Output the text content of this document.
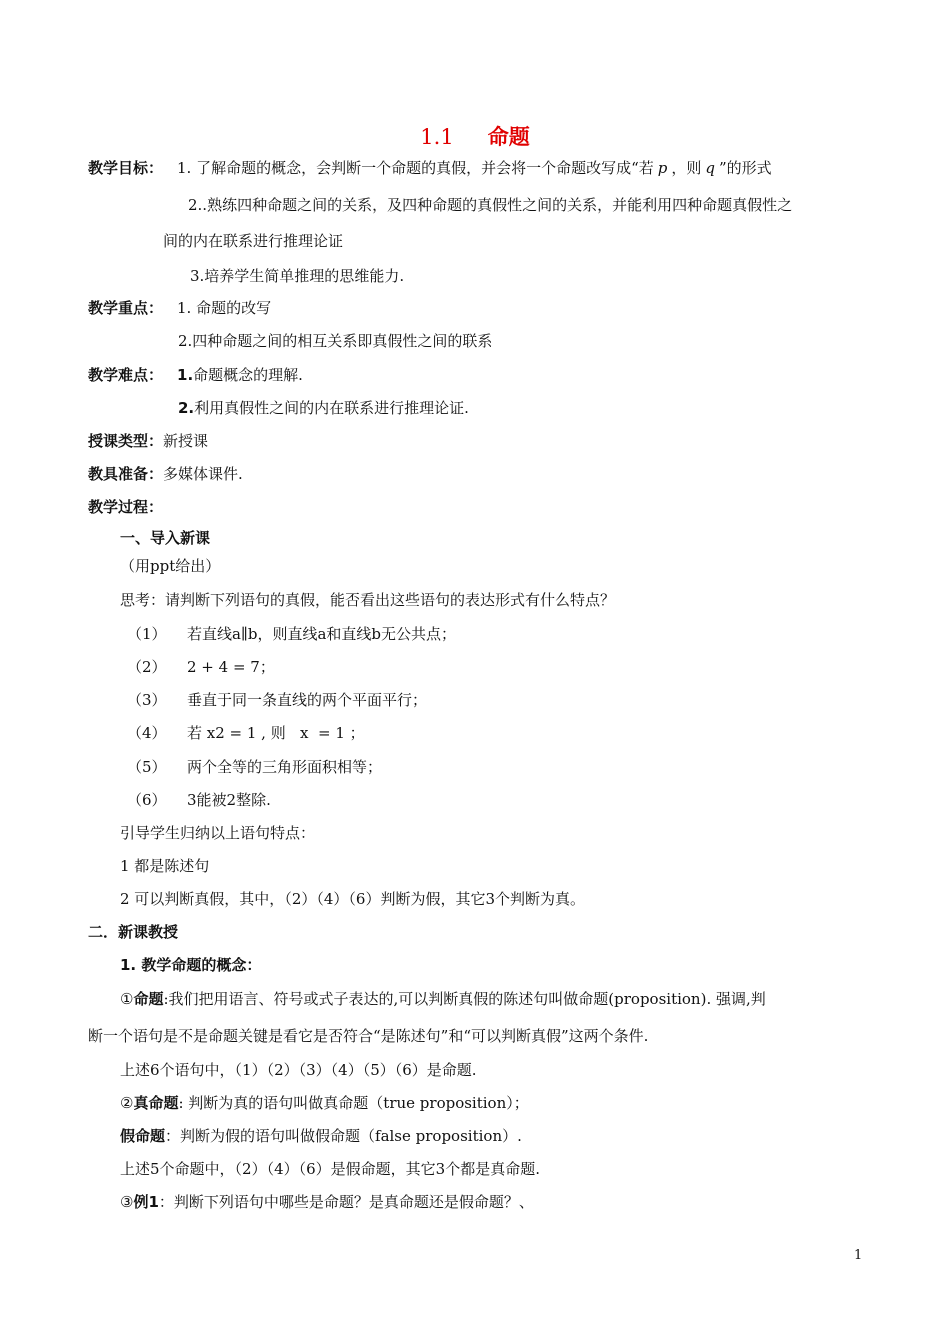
1.1 命题
教学目标： 1. 了解命题的概念，会判断一个命题的真假，并会将一个命题改写成“若 p ，则 q ”的形式
2..熟练四种命题之间的关系，及四种命题的真假性之间的关系，并能利用四种命题真假性之
间的内在联系进行推理论证
3.培养学生简单推理的思维能力.
教学重点： 1. 命题的改写
2.四种命题之间的相互关系即真假性之间的联系
教学难点： 1.命题概念的理解.
2.利用真假性之间的内在联系进行推理论证.
授课类型：新授课
教具准备：多媒体课件.
教学过程：
一、导入新课
（用ppt给出）
思考：请判断下列语句的真假，能否看出这些语句的表达形式有什么特点？
（1） 若直线a∥b，则直线a和直线b无公共点；
（2） 2 + 4 = 7；
（3） 垂直于同一条直线的两个平面平行；
（4） 若 x2 = 1 , 则   x  = 1 ；
（5） 两个全等的三角形面积相等；
（6） 3能被2整除.
引导学生归纳以上语句特点：
1 都是陈述句
2 可以判断真假，其中，（2）（4）（6）判断为假，其它3个判断为真。
二．新课教授
1. 教学命题的概念：
①命题:我们把用语言、符号或式子表达的,可以判断真假的陈述句叫做命题(proposition). 强调,判
断一个语句是不是命题关键是看它是否符合“是陈述句”和“可以判断真假”这两个条件.
上述6个语句中，（1）（2）（3）（4）（5）（6）是命题.
②真命题: 判断为真的语句叫做真命题（true proposition）；
假命题：判断为假的语句叫做假命题（false proposition）.
上述5个命题中，（2）（4）（6）是假命题，其它3个都是真命题.
③例1：判断下列语句中哪些是命题？是真命题还是假命题？、
1
